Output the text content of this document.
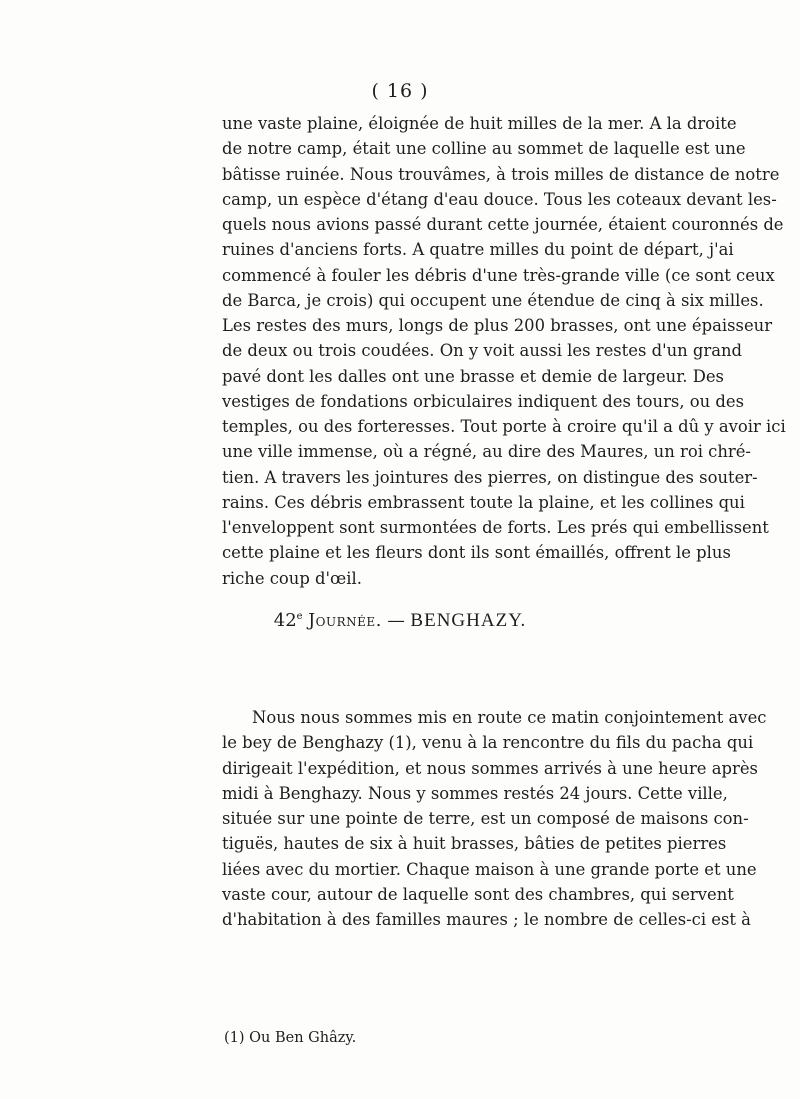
( 16 )
une vaste plaine, éloignée de huit milles de la mer. A la droite
de notre camp, était une colline au sommet de laquelle est une
bâtisse ruinée. Nous trouvâmes, à trois milles de distance de notre
camp, un espèce d'étang d'eau douce. Tous les coteaux devant les-
quels nous avions passé durant cette journée, étaient couronnés de
ruines d'anciens forts. A quatre milles du point de départ, j'ai
commencé à fouler les débris d'une très-grande ville (ce sont ceux
de Barca, je crois) qui occupent une étendue de cinq à six milles.
Les restes des murs, longs de plus 200 brasses, ont une épaisseur
de deux ou trois coudées. On y voit aussi les restes d'un grand
pavé dont les dalles ont une brasse et demie de largeur. Des
vestiges de fondations orbiculaires indiquent des tours, ou des
temples, ou des forteresses. Tout porte à croire qu'il a dû y avoir ici
une ville immense, où a régné, au dire des Maures, un roi chré-
tien. A travers les jointures des pierres, on distingue des souter-
rains. Ces débris embrassent toute la plaine, et les collines qui
l'enveloppent sont surmontées de forts. Les prés qui embellissent
cette plaine et les fleurs dont ils sont émaillés, offrent le plus
riche coup d'œil.
42e Journée. — BENGHAZY.
Nous nous sommes mis en route ce matin conjointement avec
le bey de Benghazy (1), venu à la rencontre du fils du pacha qui
dirigeait l'expédition, et nous sommes arrivés à une heure après
midi à Benghazy. Nous y sommes restés 24 jours. Cette ville,
située sur une pointe de terre, est un composé de maisons con-
tiguës, hautes de six à huit brasses, bâties de petites pierres
liées avec du mortier. Chaque maison à une grande porte et une
vaste cour, autour de laquelle sont des chambres, qui servent
d'habitation à des familles maures ; le nombre de celles-ci est à
(1) Ou Ben Ghâzy.
